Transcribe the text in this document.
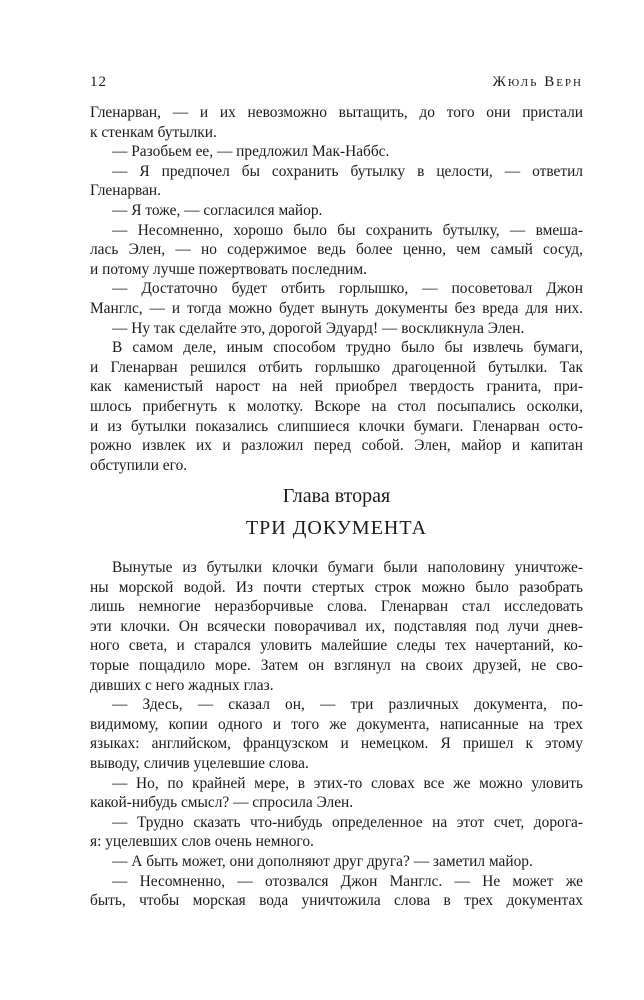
12	Жюль Верн
Гленарван, — и их невозможно вытащить, до того они пристали
к стенкам бутылки.
— Разобьем ее, — предложил Мак-Наббс.
— Я предпочел бы сохранить бутылку в целости, — ответил
Гленарван.
— Я тоже, — согласился майор.
— Несомненно, хорошо было бы сохранить бутылку, — вмеша-
лась Элен, — но содержимое ведь более ценно, чем самый сосуд,
и потому лучше пожертвовать последним.
— Достаточно будет отбить горлышко, — посоветовал Джон
Манглс, — и тогда можно будет вынуть документы без вреда для них.
— Ну так сделайте это, дорогой Эдуард! — воскликнула Элен.
В самом деле, иным способом трудно было бы извлечь бумаги,
и Гленарван решился отбить горлышко драгоценной бутылки. Так
как каменистый нарост на ней приобрел твердость гранита, при-
шлось прибегнуть к молотку. Вскоре на стол посыпались осколки,
и из бутылки показались слипшиеся клочки бумаги. Гленарван осто-
рожно извлек их и разложил перед собой. Элен, майор и капитан
обступили его.
Глава вторая
ТРИ ДОКУМЕНТА
Вынутые из бутылки клочки бумаги были наполовину уничтоже-
ны морской водой. Из почти стертых строк можно было разобрать
лишь немногие неразборчивые слова. Гленарван стал исследовать
эти клочки. Он всячески поворачивал их, подставляя под лучи днев-
ного света, и старался уловить малейшие следы тех начертаний, ко-
торые пощадило море. Затем он взглянул на своих друзей, не сво-
дивших с него жадных глаз.
— Здесь, — сказал он, — три различных документа, по-
видимому, копии одного и того же документа, написанные на трех
языках: английском, французском и немецком. Я пришел к этому
выводу, сличив уцелевшие слова.
— Но, по крайней мере, в этих-то словах все же можно уловить
какой-нибудь смысл? — спросила Элен.
— Трудно сказать что-нибудь определенное на этот счет, дорога-
я: уцелевших слов очень немного.
— А быть может, они дополняют друг друга? — заметил майор.
— Несомненно, — отозвался Джон Манглс. — Не может же
быть, чтобы морская вода уничтожила слова в трех документах
